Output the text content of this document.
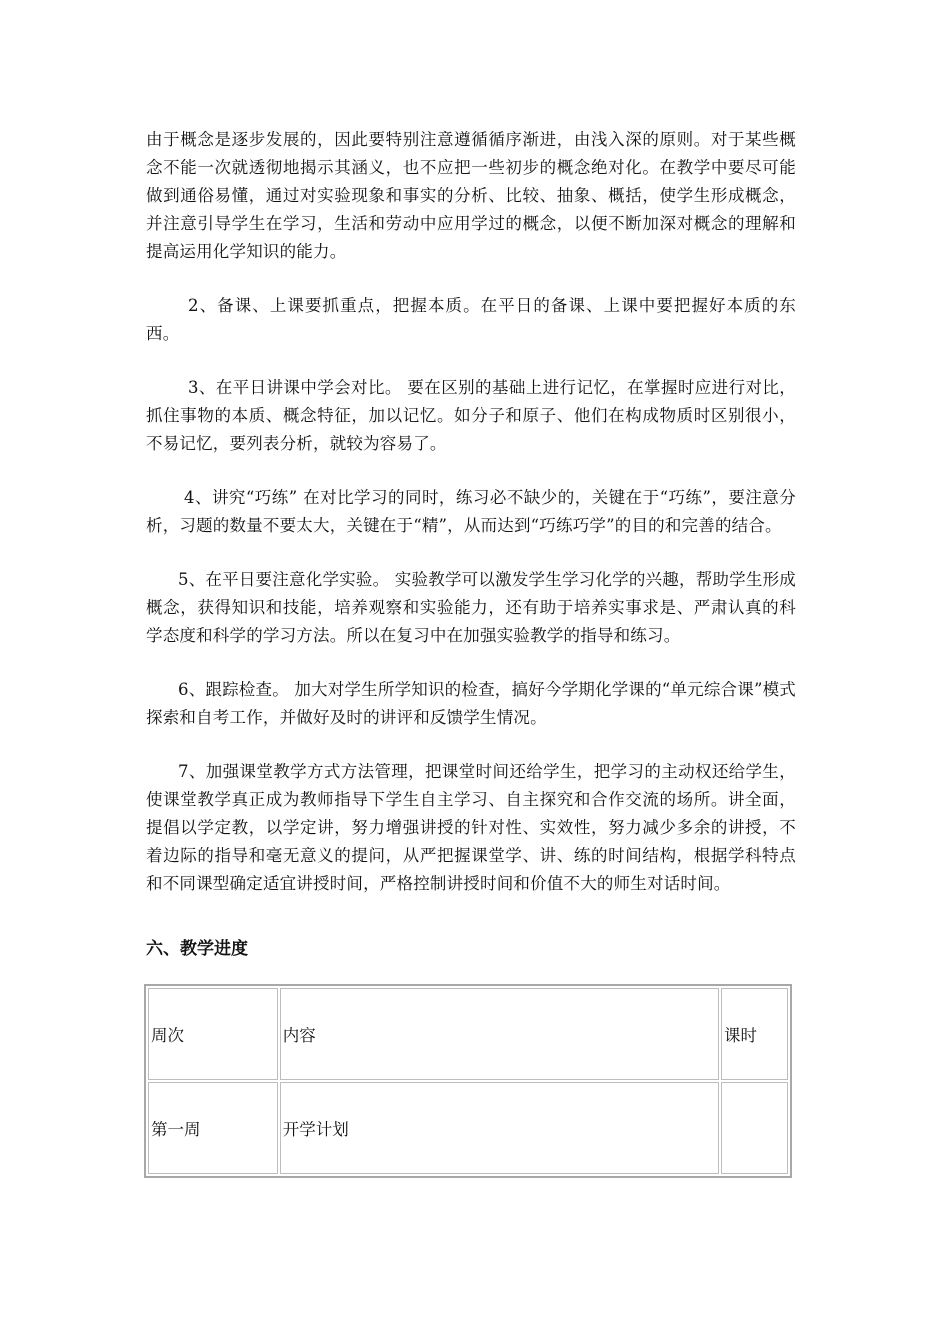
由于概念是逐步发展的，因此要特别注意遵循循序渐进，由浅入深的原则。对于某些概念不能一次就透彻地揭示其涵义，也不应把一些初步的概念绝对化。在教学中要尽可能做到通俗易懂，通过对实验现象和事实的分析、比较、抽象、概括，使学生形成概念，并注意引导学生在学习，生活和劳动中应用学过的概念，以便不断加深对概念的理解和提高运用化学知识的能力。

2、备课、上课要抓重点，把握本质。在平日的备课、上课中要把握好本质的东西。

3、在平日讲课中学会对比。 要在区别的基础上进行记忆，在掌握时应进行对比，抓住事物的本质、概念特征，加以记忆。如分子和原子、他们在构成物质时区别很小，不易记忆，要列表分析，就较为容易了。

4、讲究“巧练” 在对比学习的同时，练习必不缺少的，关键在于“巧练”，要注意分析，习题的数量不要太大，关键在于“精”，从而达到“巧练巧学”的目的和完善的结合。

5、在平日要注意化学实验。 实验教学可以激发学生学习化学的兴趣，帮助学生形成概念，获得知识和技能，培养观察和实验能力，还有助于培养实事求是、严肃认真的科学态度和科学的学习方法。所以在复习中在加强实验教学的指导和练习。

6、跟踪检查。 加大对学生所学知识的检查，搞好今学期化学课的“单元综合课”模式探索和自考工作，并做好及时的讲评和反馈学生情况。

7、加强课堂教学方式方法管理，把课堂时间还给学生，把学习的主动权还给学生，使课堂教学真正成为教师指导下学生自主学习、自主探究和合作交流的场所。讲全面，提倡以学定教，以学定讲，努力增强讲授的针对性、实效性，努力减少多余的讲授，不着边际的指导和毫无意义的提问，从严把握课堂学、讲、练的时间结构，根据学科特点和不同课型确定适宜讲授时间，严格控制讲授时间和价值不大的师生对话时间。

六、教学进度
周次	内容	课时
第一周	开学计划	
